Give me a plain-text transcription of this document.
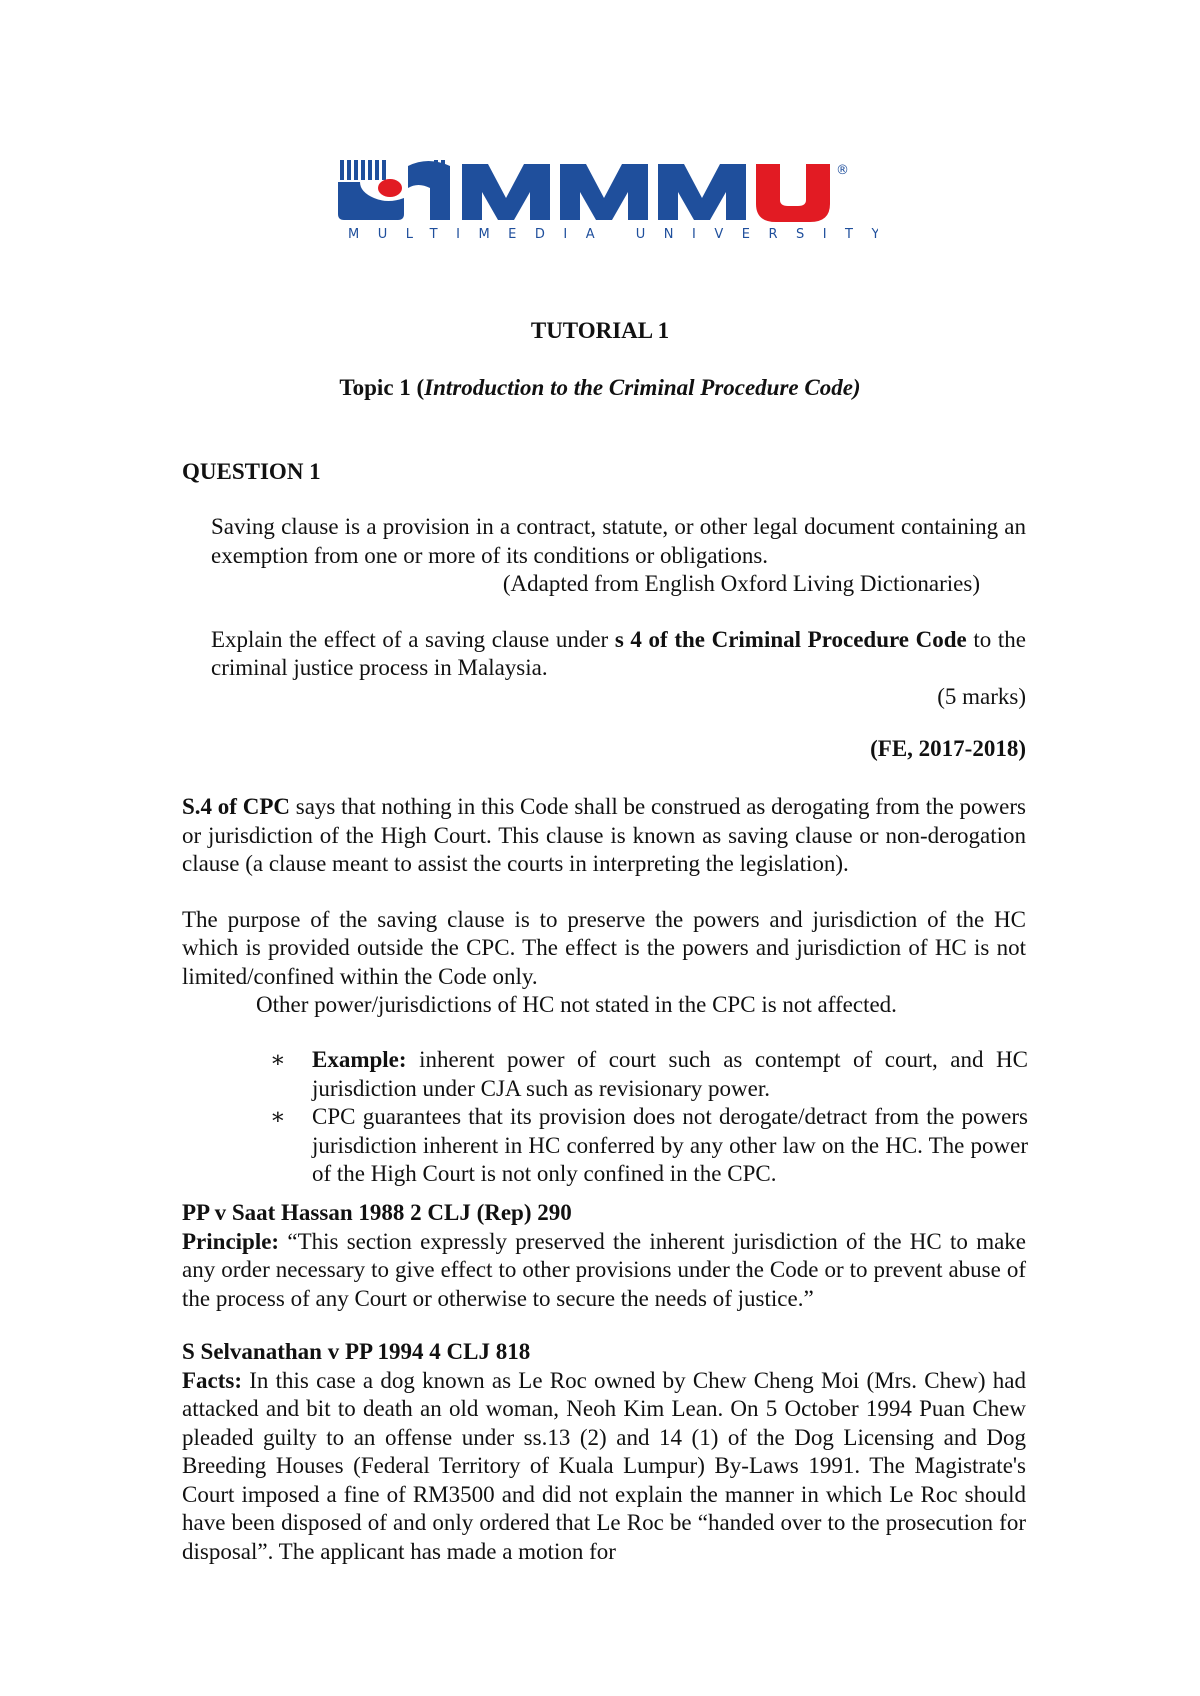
®
MULTIMEDIA UNIVERSITY
TUTORIAL 1
Topic 1 (Introduction to the Criminal Procedure Code)
QUESTION 1
Saving clause is a provision in a contract, statute, or other legal document containing an exemption from one or more of its conditions or obligations.
(Adapted from English Oxford Living Dictionaries)
Explain the effect of a saving clause under s 4 of the Criminal Procedure Code to the criminal justice process in Malaysia.
(5 marks)
(FE, 2017-2018)
S.4 of CPC says that nothing in this Code shall be construed as derogating from the powers or jurisdiction of the High Court. This clause is known as saving clause or non-derogation clause (a clause meant to assist the courts in interpreting the legislation).
The purpose of the saving clause is to preserve the powers and jurisdiction of the HC which is provided outside the CPC. The effect is the powers and jurisdiction of HC is not limited/confined within the Code only.
Other power/jurisdictions of HC not stated in the CPC is not affected.
∗ Example: inherent power of court such as contempt of court, and HC jurisdiction under CJA such as revisionary power.
∗ CPC guarantees that its provision does not derogate/detract from the powers jurisdiction inherent in HC conferred by any other law on the HC. The power of the High Court is not only confined in the CPC.
PP v Saat Hassan 1988 2 CLJ (Rep) 290
Principle: “This section expressly preserved the inherent jurisdiction of the HC to make any order necessary to give effect to other provisions under the Code or to prevent abuse of the process of any Court or otherwise to secure the needs of justice.”
S Selvanathan v PP 1994 4 CLJ 818
Facts: In this case a dog known as Le Roc owned by Chew Cheng Moi (Mrs. Chew) had attacked and bit to death an old woman, Neoh Kim Lean. On 5 October 1994 Puan Chew pleaded guilty to an offense under ss.13 (2) and 14 (1) of the Dog Licensing and Dog Breeding Houses (Federal Territory of Kuala Lumpur) By-Laws 1991. The Magistrate's Court imposed a fine of RM3500 and did not explain the manner in which Le Roc should have been disposed of and only ordered that Le Roc be “handed over to the prosecution for disposal”. The applicant has made a motion for
